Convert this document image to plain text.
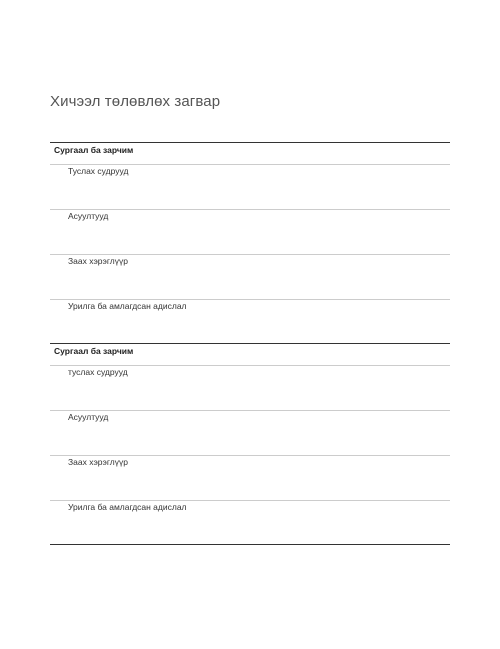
Хичээл төлөвлөх загвар
Сургаал ба зарчим
Туслах судрууд
Асуултууд
Заах хэрэглүүр
Урилга ба амлагдсан адислал
Сургаал ба зарчим
туслах судрууд
Асуултууд
Заах хэрэглүүр
Урилга ба амлагдсан адислал
